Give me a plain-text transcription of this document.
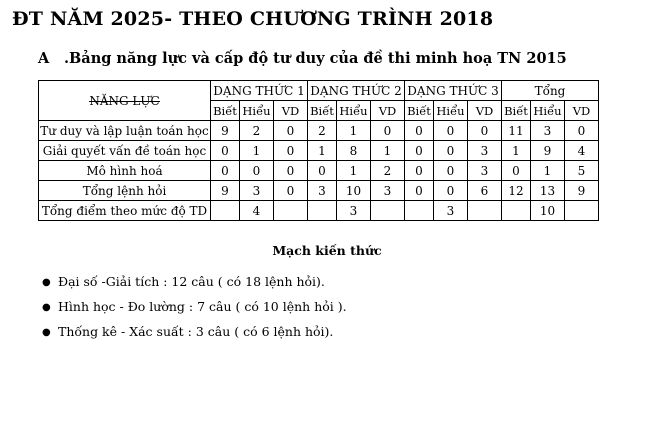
ĐT NĂM 2025- THEO CHƯƠNG TRÌNH 2018
A .Bảng năng lực và cấp độ tư duy của đề thi minh hoạ TN 2015
NĂNG LỰC	DẠNG THỨC 1			DẠNG THỨC 2			DẠNG THỨC 3			Tổng		
	Biết	Hiểu	VD	Biết	Hiểu	VD	Biết	Hiểu	VD	Biết	Hiểu	VD
Tư duy và lập luận toán học	9	2	0	2	1	0	0	0	0	11	3	0
Giải quyết vấn đề toán học	0	1	0	1	8	1	0	0	3	1	9	4
Mô hình hoá	0	0	0	0	1	2	0	0	3	0	1	5
Tổng lệnh hỏi	9	3	0	3	10	3	0	0	6	12	13	9
Tổng điểm theo mức độ TD		4			3			3			10	
Mạch kiến thức
● Đại số -Giải tích : 12 câu ( có 18 lệnh hỏi).
● Hình học - Đo lường : 7 câu ( có 10 lệnh hỏi ).
● Thống kê - Xác suất : 3 câu ( có 6 lệnh hỏi).
